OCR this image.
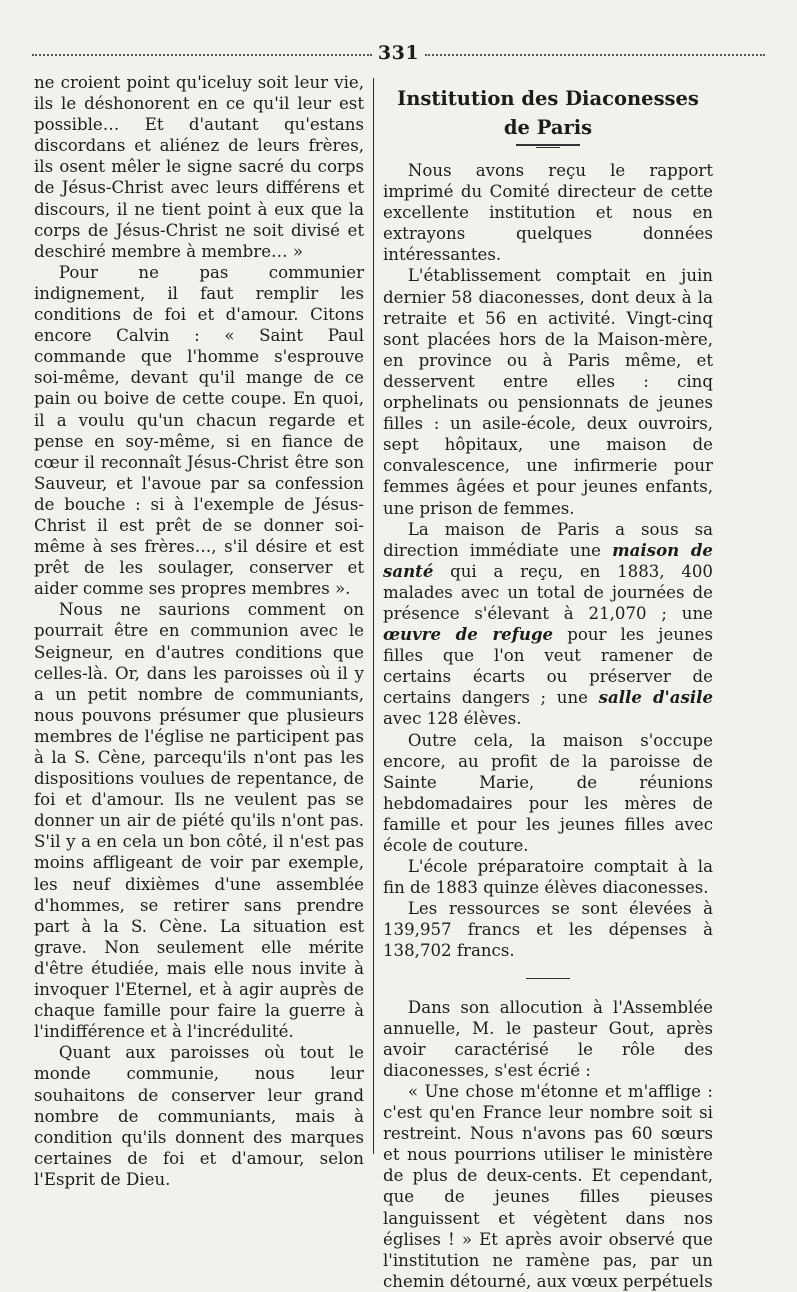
331

ne croient point qu'iceluy soit leur vie, ils le déshonorent en ce qu'il leur est possible… Et d'autant qu'estans discordans et aliénez de leurs frères, ils osent mêler le signe sacré du corps de Jésus-Christ avec leurs différens et discours, il ne tient point à eux que la corps de Jésus-Christ ne soit divisé et deschiré membre à membre… »

Pour ne pas communier indignement, il faut remplir les conditions de foi et d'amour. Citons encore Calvin : « Saint Paul commande que l'homme s'esprouve soi-même, devant qu'il mange de ce pain ou boive de cette coupe. En quoi, il a voulu qu'un chacun regarde et pense en soy-même, si en fiance de cœur il reconnaît Jésus-Christ être son Sauveur, et l'avoue par sa confession de bouche : si à l'exemple de Jésus-Christ il est prêt de se donner soi-même à ses frères…, s'il désire et est prêt de les soulager, conserver et aider comme ses propres membres ».

Nous ne saurions comment on pourrait être en communion avec le Seigneur, en d'autres conditions que celles-là. Or, dans les paroisses où il y a un petit nombre de communiants, nous pouvons présumer que plusieurs membres de l'église ne participent pas à la S. Cène, parcequ'ils n'ont pas les dispositions voulues de repentance, de foi et d'amour. Ils ne veulent pas se donner un air de piété qu'ils n'ont pas. S'il y a en cela un bon côté, il n'est pas moins affligeant de voir par exemple, les neuf dixièmes d'une assemblée d'hommes, se retirer sans prendre part à la S. Cène. La situation est grave. Non seulement elle mérite d'être étudiée, mais elle nous invite à invoquer l'Eternel, et à agir auprès de chaque famille pour faire la guerre à l'indifférence et à l'incrédulité.

Quant aux paroisses où tout le monde communie, nous leur souhaitons de conserver leur grand nombre de communiants, mais à condition qu'ils donnent des marques certaines de foi et d'amour, selon l'Esprit de Dieu.

Institution des Diaconesses
de Paris

Nous avons reçu le rapport imprimé du Comité directeur de cette excellente institution et nous en extrayons quelques données intéressantes.

L'établissement comptait en juin dernier 58 diaconesses, dont deux à la retraite et 56 en activité. Vingt-cinq sont placées hors de la Maison-mère, en province ou à Paris même, et desservent entre elles : cinq orphelinats ou pensionnats de jeunes filles : un asile-école, deux ouvroirs, sept hôpitaux, une maison de convalescence, une infirmerie pour femmes âgées et pour jeunes enfants, une prison de femmes.

La maison de Paris a sous sa direction immédiate une maison de santé qui a reçu, en 1883, 400 malades avec un total de journées de présence s'élevant à 21,070 ; une œuvre de refuge pour les jeunes filles que l'on veut ramener de certains écarts ou préserver de certains dangers ; une salle d'asile avec 128 élèves.

Outre cela, la maison s'occupe encore, au profit de la paroisse de Sainte Marie, de réunions hebdomadaires pour les mères de famille et pour les jeunes filles avec école de couture.

L'école préparatoire comptait à la fin de 1883 quinze élèves diaconesses.

Les ressources se sont élevées à 139,957 francs et les dépenses à 138,702 francs.

Dans son allocution à l'Assemblée annuelle, M. le pasteur Gout, après avoir caractérisé le rôle des diaconesses, s'est écrié :

« Une chose m'étonne et m'afflige : c'est qu'en France leur nombre soit si restreint. Nous n'avons pas 60 sœurs et nous pourrions utiliser le ministère de plus de deux-cents. Et cependant, que de jeunes filles pieuses languissent et végètent dans nos églises ! » Et après avoir observé que l'institution ne ramène pas, par un chemin détourné, aux vœux perpétuels
